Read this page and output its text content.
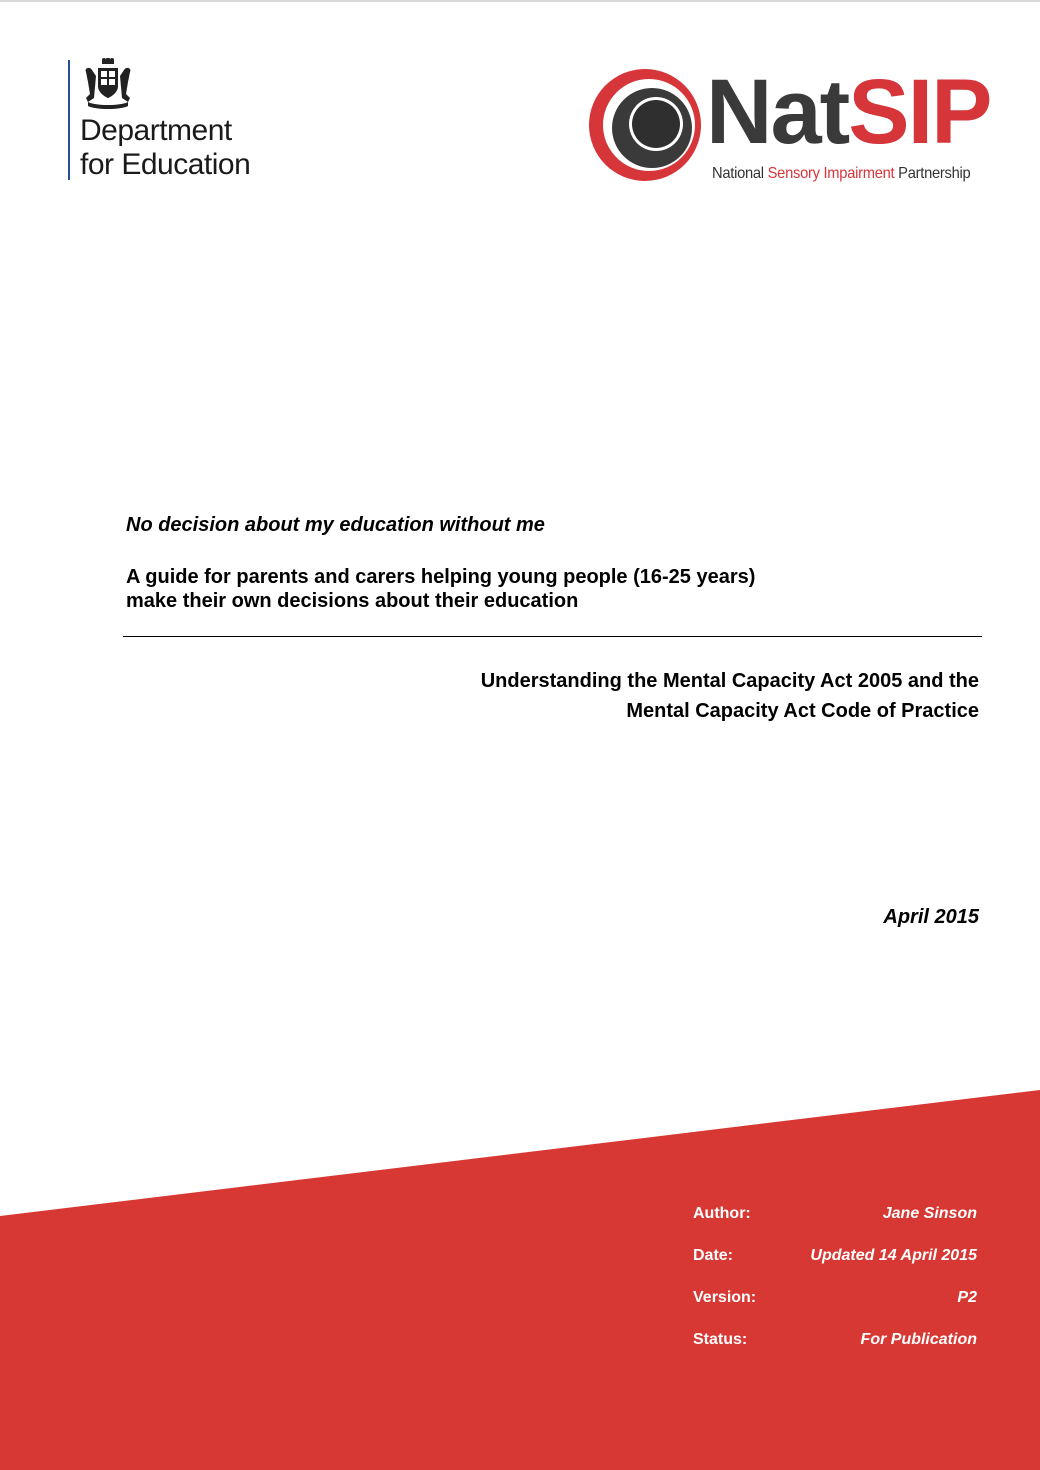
Department
for Education
NatSIP
National Sensory Impairment Partnership
No decision about my education without me
A guide for parents and carers helping young people (16-25 years)
make their own decisions about their education
Understanding the Mental Capacity Act 2005 and the
Mental Capacity Act Code of Practice
April 2015
Author:	Jane Sinson
Date:	Updated 14 April 2015
Version:	P2
Status:	For Publication
